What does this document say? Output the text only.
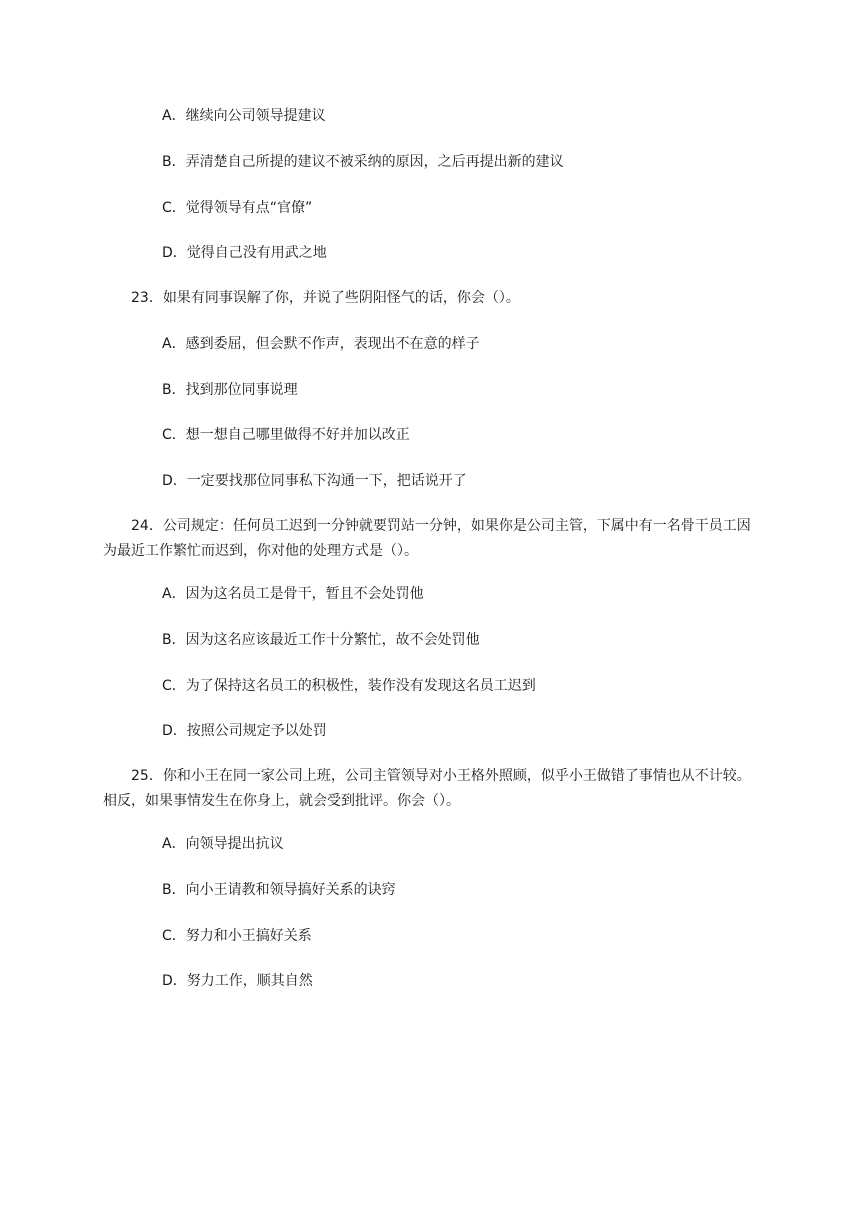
A．继续向公司领导提建议
B．弄清楚自己所提的建议不被采纳的原因，之后再提出新的建议
C．觉得领导有点“官僚”
D．觉得自己没有用武之地

23．如果有同事误解了你，并说了些阴阳怪气的话，你会（）。

A．感到委屈，但会默不作声，表现出不在意的样子
B．找到那位同事说理
C．想一想自己哪里做得不好并加以改正
D．一定要找那位同事私下沟通一下，把话说开了

24．公司规定：任何员工迟到一分钟就要罚站一分钟，如果你是公司主管，下属中有一名骨干员工因为最近工作繁忙而迟到，你对他的处理方式是（）。

A．因为这名员工是骨干，暂且不会处罚他
B．因为这名应该最近工作十分繁忙，故不会处罚他
C．为了保持这名员工的积极性，装作没有发现这名员工迟到
D．按照公司规定予以处罚

25．你和小王在同一家公司上班，公司主管领导对小王格外照顾，似乎小王做错了事情也从不计较。相反，如果事情发生在你身上，就会受到批评。你会（）。

A．向领导提出抗议
B．向小王请教和领导搞好关系的诀窍
C．努力和小王搞好关系
D．努力工作，顺其自然
